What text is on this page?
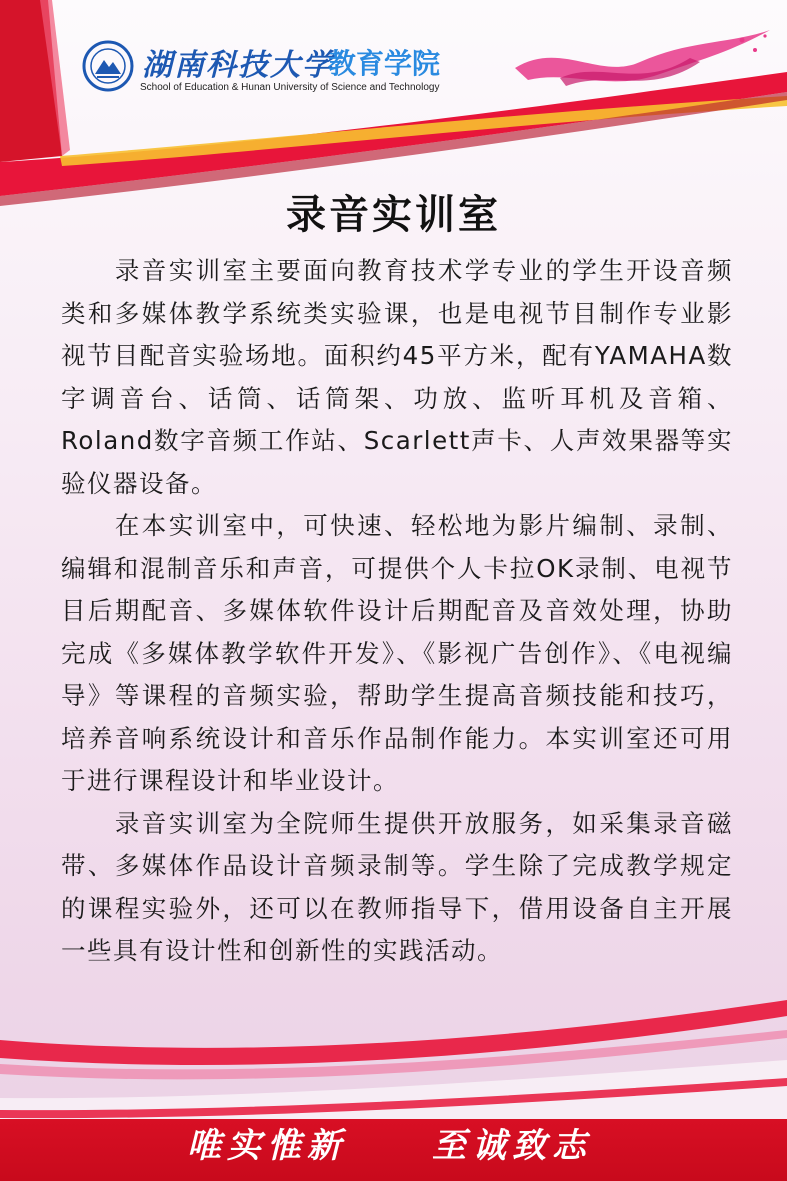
湖南科技大学
教育学院
School of Education & Hunan University of Science and Technology
录音实训室

录音实训室主要面向教育技术学专业的学生开设音频类和多媒体教学系统类实验课，也是电视节目制作专业影视节目配音实验场地。面积约45平方米，配有YAMAHA数字调音台、话筒、话筒架、功放、监听耳机及音箱、Roland数字音频工作站、Scarlett声卡、人声效果器等实验仪器设备。

在本实训室中，可快速、轻松地为影片编制、录制、编辑和混制音乐和声音，可提供个人卡拉OK录制、电视节目后期配音、多媒体软件设计后期配音及音效处理，协助完成《多媒体教学软件开发》、《影视广告创作》、《电视编导》等课程的音频实验，帮助学生提高音频技能和技巧，培养音响系统设计和音乐作品制作能力。本实训室还可用于进行课程设计和毕业设计。

录音实训室为全院师生提供开放服务，如采集录音磁带、多媒体作品设计音频录制等。学生除了完成教学规定的课程实验外，还可以在教师指导下，借用设备自主开展一些具有设计性和创新性的实践活动。

唯实惟新	至诚致志
